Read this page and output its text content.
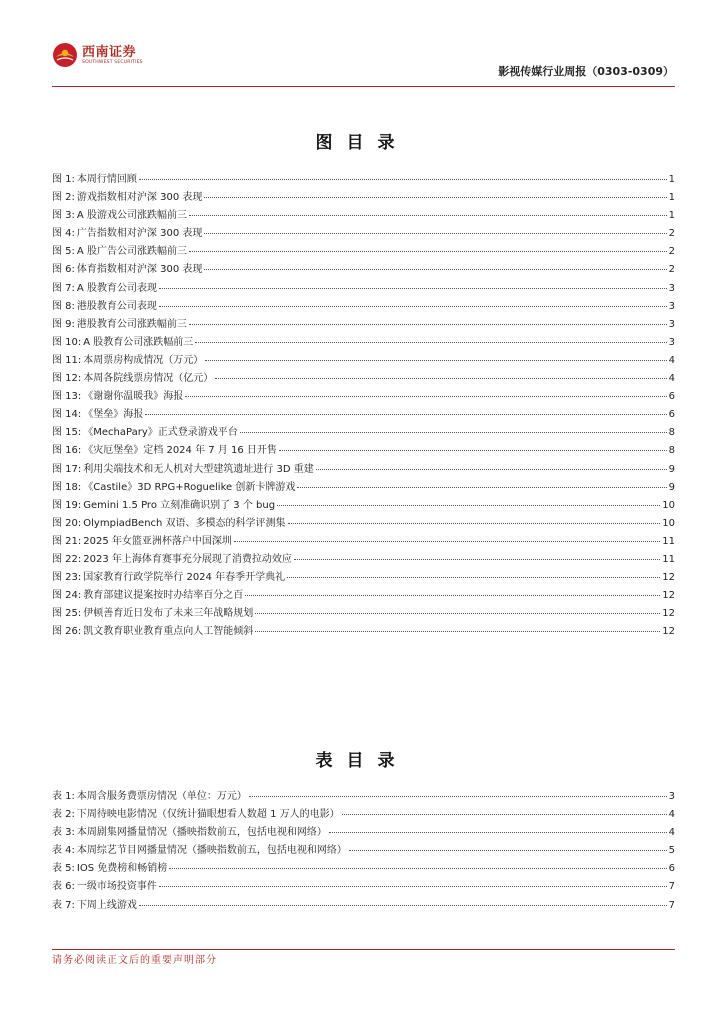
西南证券
SOUTHWEST SECURITIES
影视传媒行业周报（0303-0309）
图目录
图 1: 本周行情回顾	1
图 2: 游戏指数相对沪深 300 表现	1
图 3: A 股游戏公司涨跌幅前三	1
图 4: 广告指数相对沪深 300 表现	2
图 5: A 股广告公司涨跌幅前三	2
图 6: 体育指数相对沪深 300 表现	2
图 7: A 股教育公司表现	3
图 8: 港股教育公司表现	3
图 9: 港股教育公司涨跌幅前三	3
图 10: A 股教育公司涨跌幅前三	3
图 11: 本周票房构成情况（万元）	4
图 12: 本周各院线票房情况（亿元）	4
图 13: 《谢谢你温暖我》海报	6
图 14: 《堡垒》海报	6
图 15: 《MechaPary》正式登录游戏平台	8
图 16: 《灾厄堡垒》定档 2024 年 7 月 16 日开售	8
图 17: 利用尖端技术和无人机对大型建筑遗址进行 3D 重建	9
图 18: 《Castile》3D RPG+Roguelike 创新卡牌游戏	9
图 19: Gemini 1.5 Pro 立刻准确识别了 3 个 bug	10
图 20: OlympiadBench 双语、多模态的科学评测集	10
图 21: 2025 年女篮亚洲杯落户中国深圳	11
图 22: 2023 年上海体育赛事充分展现了消费拉动效应	11
图 23: 国家教育行政学院举行 2024 年春季开学典礼	12
图 24: 教育部建议提案按时办结率百分之百	12
图 25: 伊顿善育近日发布了未来三年战略规划	12
图 26: 凯文教育职业教育重点向人工智能倾斜	12
表目录
表 1: 本周含服务费票房情况（单位：万元）	3
表 2: 下周待映电影情况（仅统计猫眼想看人数超 1 万人的电影）	4
表 3: 本周剧集网播量情况（播映指数前五，包括电视和网络）	4
表 4: 本周综艺节目网播量情况（播映指数前五，包括电视和网络）	5
表 5: IOS 免费榜和畅销榜	6
表 6: 一级市场投资事件	7
表 7: 下周上线游戏	7
请务必阅读正文后的重要声明部分
